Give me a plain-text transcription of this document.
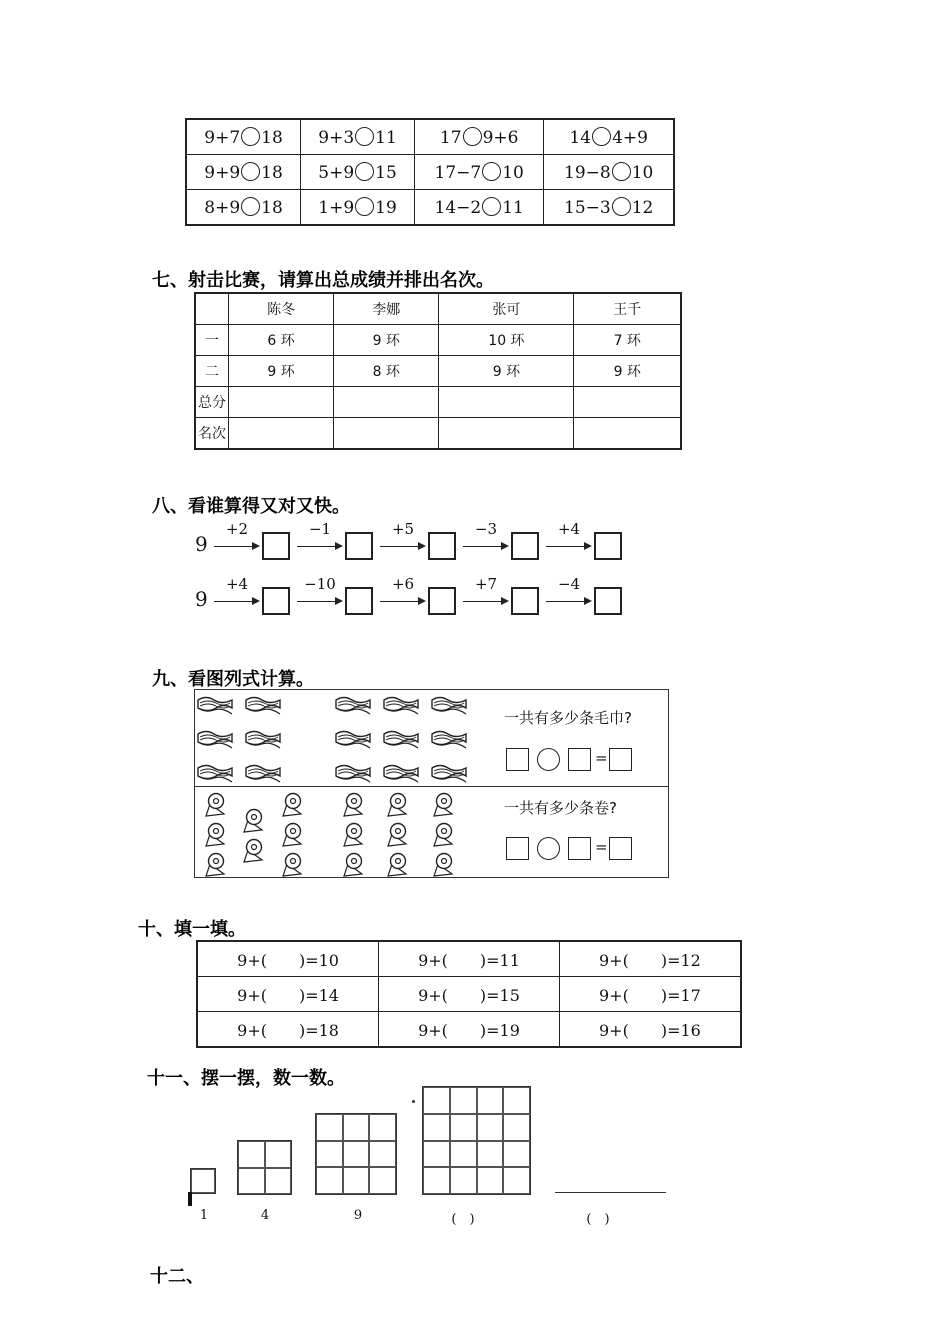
9+7 18	9+3 11	17 9+6	14 4+9
9+9 18	5+9 15	17−7 10	19−8 10
8+9 18	1+9 19	14−2 11	15−3 12
七、射击比赛，请算出总成绩并排出名次。
	陈冬	李娜	张可	王千
一	6 环	9 环	10 环	7 环
二	9 环	8 环	9 环	9 环
总分				
名次				
八、看谁算得又对又快。
9
+2	−1	+5	−3	+4
9
+4	−10	+6	+7	−4
九、看图列式计算。
一共有多少条毛巾?
一共有多少条卷?
=
=
十、填一填。
9+(　　)=10	9+(　　)=11	9+(　　)=12
9+(　　)=14	9+(　　)=15	9+(　　)=17
9+(　　)=18	9+(　　)=19	9+(　　)=16
十一、摆一摆，数一数。
1	4	9	(　)	(　)
十二、
